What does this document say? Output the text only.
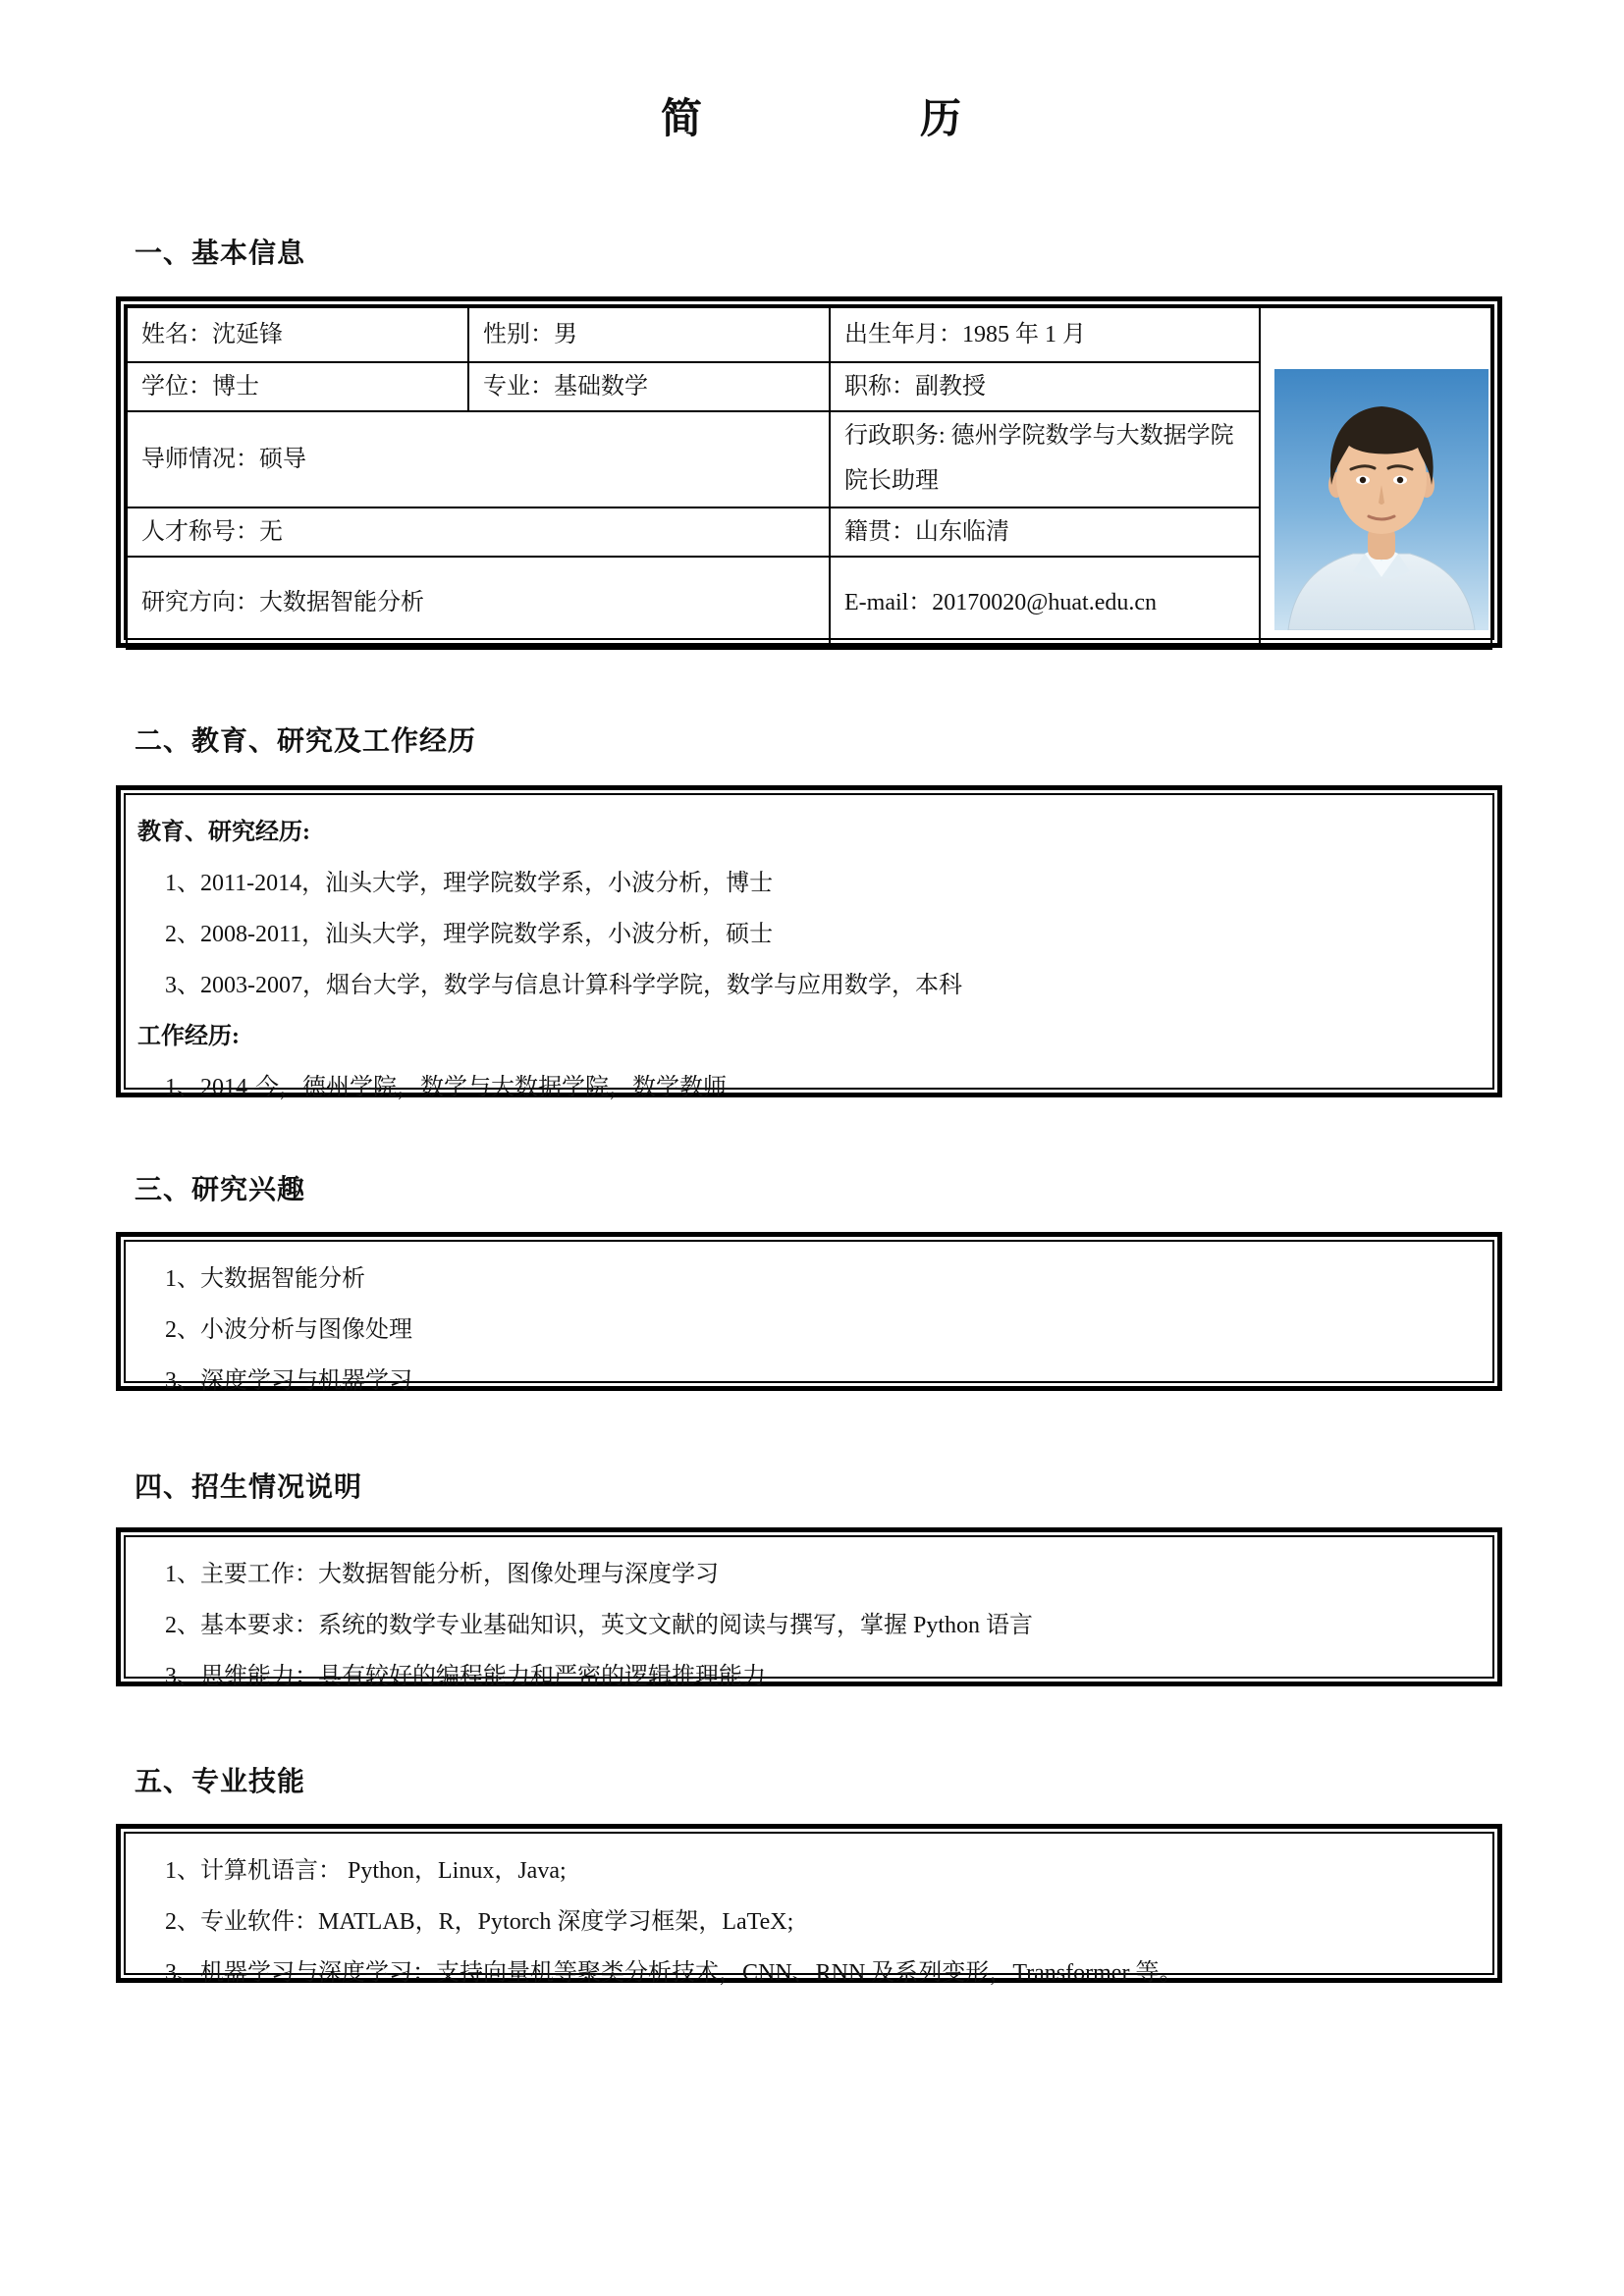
简　　　　　历
一、基本信息
姓名：沈延锋	性别：男	出生年月：1985 年 1 月	
学位：博士	专业：基础数学	职称：副教授	
导师情况：硕导		行政职务: 德州学院数学与大数据学院院长助理	
人才称号：无		籍贯：山东临清	
研究方向：大数据智能分析		E-mail：20170020@huat.edu.cn	
二、教育、研究及工作经历
教育、研究经历:
1、2011-2014，汕头大学，理学院数学系，小波分析，博士
2、2008-2011，汕头大学，理学院数学系，小波分析，硕士
3、2003-2007，烟台大学，数学与信息计算科学学院，数学与应用数学，本科
工作经历:
1、2014-今，德州学院，数学与大数据学院，数学教师
三、研究兴趣
1、大数据智能分析
2、小波分析与图像处理
3、深度学习与机器学习
四、招生情况说明
1、主要工作：大数据智能分析，图像处理与深度学习
2、基本要求：系统的数学专业基础知识，英文文献的阅读与撰写，掌握 Python 语言
3、思维能力：具有较好的编程能力和严密的逻辑推理能力
五、专业技能
1、计算机语言： Python，Linux，Java;
2、专业软件：MATLAB，R，Pytorch 深度学习框架，LaTeX;
3、机器学习与深度学习：支持向量机等聚类分析技术，CNN、RNN 及系列变形，Transformer 等。
